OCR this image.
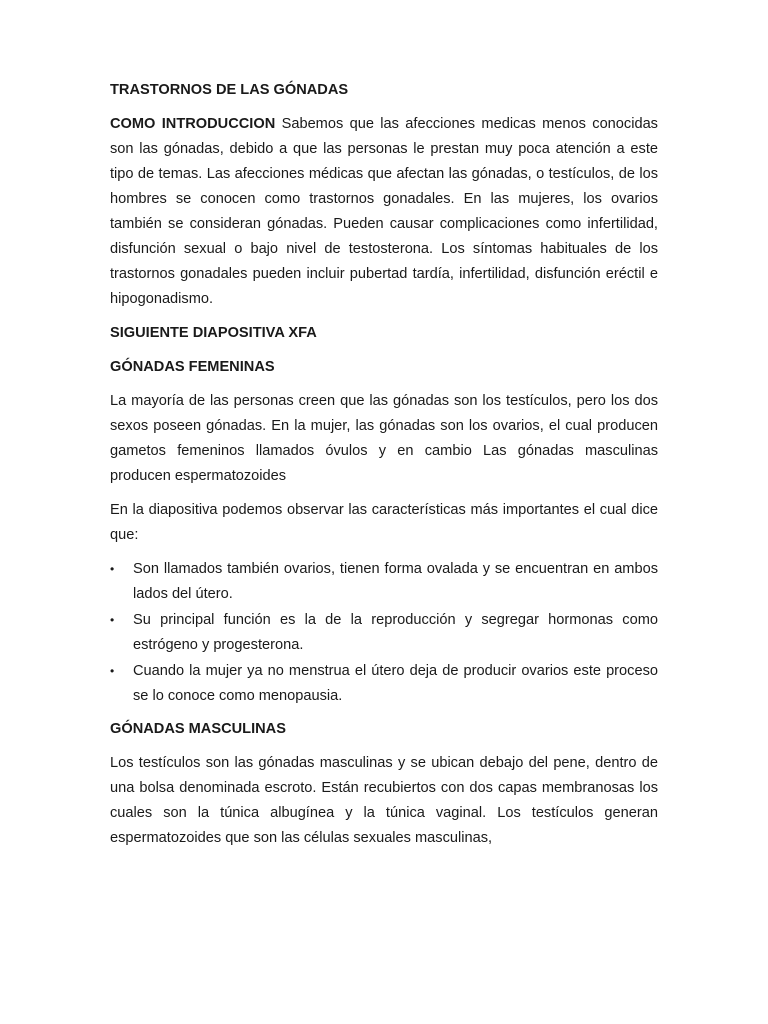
TRASTORNOS DE LAS GÓNADAS

COMO INTRODUCCION Sabemos que las afecciones medicas menos conocidas son las gónadas, debido a que las personas le prestan muy poca atención a este tipo de temas. Las afecciones médicas que afectan las gónadas, o testículos, de los hombres se conocen como trastornos gonadales. En las mujeres, los ovarios también se consideran gónadas. Pueden causar complicaciones como infertilidad, disfunción sexual o bajo nivel de testosterona. Los síntomas habituales de los trastornos gonadales pueden incluir pubertad tardía, infertilidad, disfunción eréctil e hipogonadismo.

SIGUIENTE DIAPOSITIVA XFA
GÓNADAS FEMENINAS

La mayoría de las personas creen que las gónadas son los testículos, pero los dos sexos poseen gónadas. En la mujer, las gónadas son los ovarios, el cual producen gametos femeninos llamados óvulos y en cambio Las gónadas masculinas producen espermatozoides

En la diapositiva podemos observar las características más importantes el cual dice que:

• Son llamados también ovarios, tienen forma ovalada y se encuentran en ambos lados del útero.
• Su principal función es la de la reproducción y segregar hormonas como estrógeno y progesterona.
• Cuando la mujer ya no menstrua el útero deja de producir ovarios este proceso se lo conoce como menopausia.
GÓNADAS MASCULINAS

Los testículos son las gónadas masculinas y se ubican debajo del pene, dentro de una bolsa denominada escroto. Están recubiertos con dos capas membranosas los cuales son la túnica albugínea y la túnica vaginal. Los testículos generan espermatozoides que son las células sexuales masculinas,
